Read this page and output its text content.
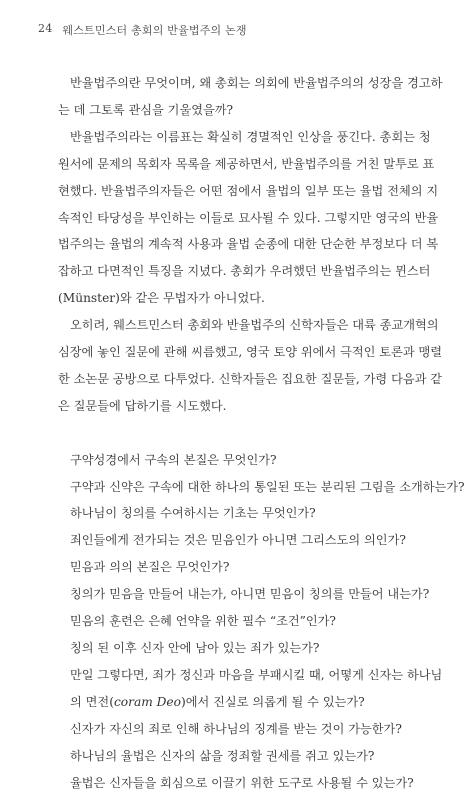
24 웨스트민스터 총회의 반율법주의 논쟁

반율법주의란 무엇이며, 왜 총회는 의회에 반율법주의의 성장을 경고하
는 데 그토록 관심을 기울였을까?

반율법주의라는 이름표는 확실히 경멸적인 인상을 풍긴다. 총회는 청
원서에 문제의 목회자 목록을 제공하면서, 반율법주의를 거친 말투로 표
현했다. 반율법주의자들은 어떤 점에서 율법의 일부 또는 율법 전체의 지
속적인 타당성을 부인하는 이들로 묘사될 수 있다. 그렇지만 영국의 반율
법주의는 율법의 계속적 사용과 율법 순종에 대한 단순한 부정보다 더 복
잡하고 다면적인 특징을 지녔다. 총회가 우려했던 반율법주의는 뮌스터
(Münster)와 같은 무법자가 아니었다.

오히려, 웨스트민스터 총회와 반율법주의 신학자들은 대륙 종교개혁의
심장에 놓인 질문에 관해 씨름했고, 영국 토양 위에서 극적인 토론과 맹렬
한 소논문 공방으로 다투었다. 신학자들은 집요한 질문들, 가령 다음과 같
은 질문들에 답하기를 시도했다.

구약성경에서 구속의 본질은 무엇인가?
구약과 신약은 구속에 대한 하나의 통일된 또는 분리된 그림을 소개하는가?
하나님이 칭의를 수여하시는 기초는 무엇인가?
죄인들에게 전가되는 것은 믿음인가 아니면 그리스도의 의인가?
믿음과 의의 본질은 무엇인가?
칭의가 믿음을 만들어 내는가, 아니면 믿음이 칭의를 만들어 내는가?
믿음의 훈련은 은혜 언약을 위한 필수 “조건”인가?
칭의 된 이후 신자 안에 남아 있는 죄가 있는가?
만일 그렇다면, 죄가 정신과 마음을 부패시킬 때, 어떻게 신자는 하나님
의 면전(coram Deo)에서 진실로 의롭게 될 수 있는가?
신자가 자신의 죄로 인해 하나님의 징계를 받는 것이 가능한가?
하나님의 율법은 신자의 삶을 정죄할 권세를 쥐고 있는가?
율법은 신자들을 회심으로 이끌기 위한 도구로 사용될 수 있는가?
